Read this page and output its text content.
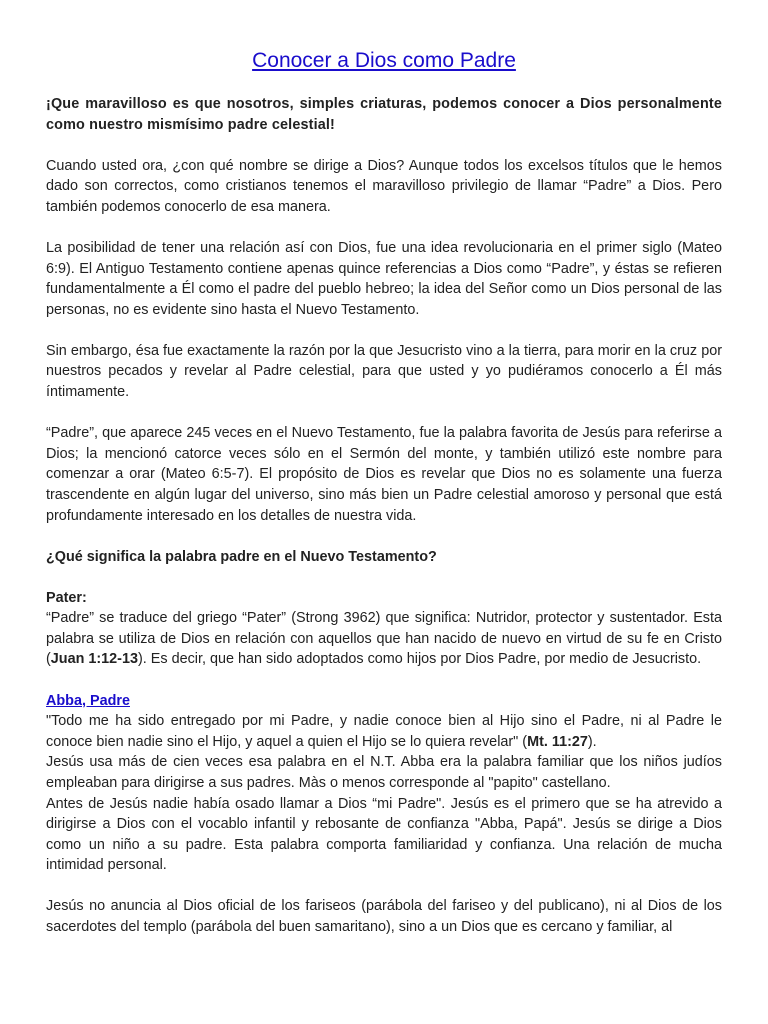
Conocer a Dios como Padre

¡Que maravilloso es que nosotros, simples criaturas, podemos conocer a Dios personalmente como nuestro mismísimo padre celestial!

Cuando usted ora, ¿con qué nombre se dirige a Dios? Aunque todos los excelsos títulos que le hemos dado son correctos, como cristianos tenemos el maravilloso privilegio de llamar “Padre” a Dios. Pero también podemos conocerlo de esa manera.

La posibilidad de tener una relación así con Dios, fue una idea revolucionaria en el primer siglo (Mateo 6:9). El Antiguo Testamento contiene apenas quince referencias a Dios como “Padre”, y éstas se refieren fundamentalmente a Él como el padre del pueblo hebreo; la idea del Señor como un Dios personal de las personas, no es evidente sino hasta el Nuevo Testamento.

Sin embargo, ésa fue exactamente la razón por la que Jesucristo vino a la tierra, para morir en la cruz por nuestros pecados y revelar al Padre celestial, para que usted y yo pudiéramos conocerlo a Él más íntimamente.

“Padre”, que aparece 245 veces en el Nuevo Testamento, fue la palabra favorita de Jesús para referirse a Dios; la mencionó catorce veces sólo en el Sermón del monte, y también utilizó este nombre para comenzar a orar (Mateo 6:5-7). El propósito de Dios es revelar que Dios no es solamente una fuerza trascendente en algún lugar del universo, sino más bien un Padre celestial amoroso y personal que está profundamente interesado en los detalles de nuestra vida.

¿Qué significa la palabra padre en el Nuevo Testamento?

Pater:

“Padre” se traduce del griego “Pater” (Strong 3962) que significa: Nutridor, protector y sustentador. Esta palabra se utiliza de Dios en relación con aquellos que han nacido de nuevo en virtud de su fe en Cristo (Juan 1:12-13). Es decir, que han sido adoptados como hijos por Dios Padre, por medio de Jesucristo.

Abba, Padre

"Todo me ha sido entregado por mi Padre, y nadie conoce bien al Hijo sino el Padre, ni al Padre le conoce bien nadie sino el Hijo, y aquel a quien el Hijo se lo quiera revelar" (Mt. 11:27).

Jesús usa más de cien veces esa palabra en el N.T. Abba era la palabra familiar que los niños judíos empleaban para dirigirse a sus padres. Màs o menos corresponde al "papito" castellano.

Antes de Jesús nadie había osado llamar a Dios “mi Padre". Jesús es el primero que se ha atrevido a dirigirse a Dios con el vocablo infantil y rebosante de confianza "Abba, Papá". Jesús se dirige a Dios como un niño a su padre. Esta palabra comporta familiaridad y confianza. Una relación de mucha intimidad personal.

Jesús no anuncia al Dios oficial de los fariseos (parábola del fariseo y del publicano), ni al Dios de los sacerdotes del templo (parábola del buen samaritano), sino a un Dios que es cercano y familiar, al
